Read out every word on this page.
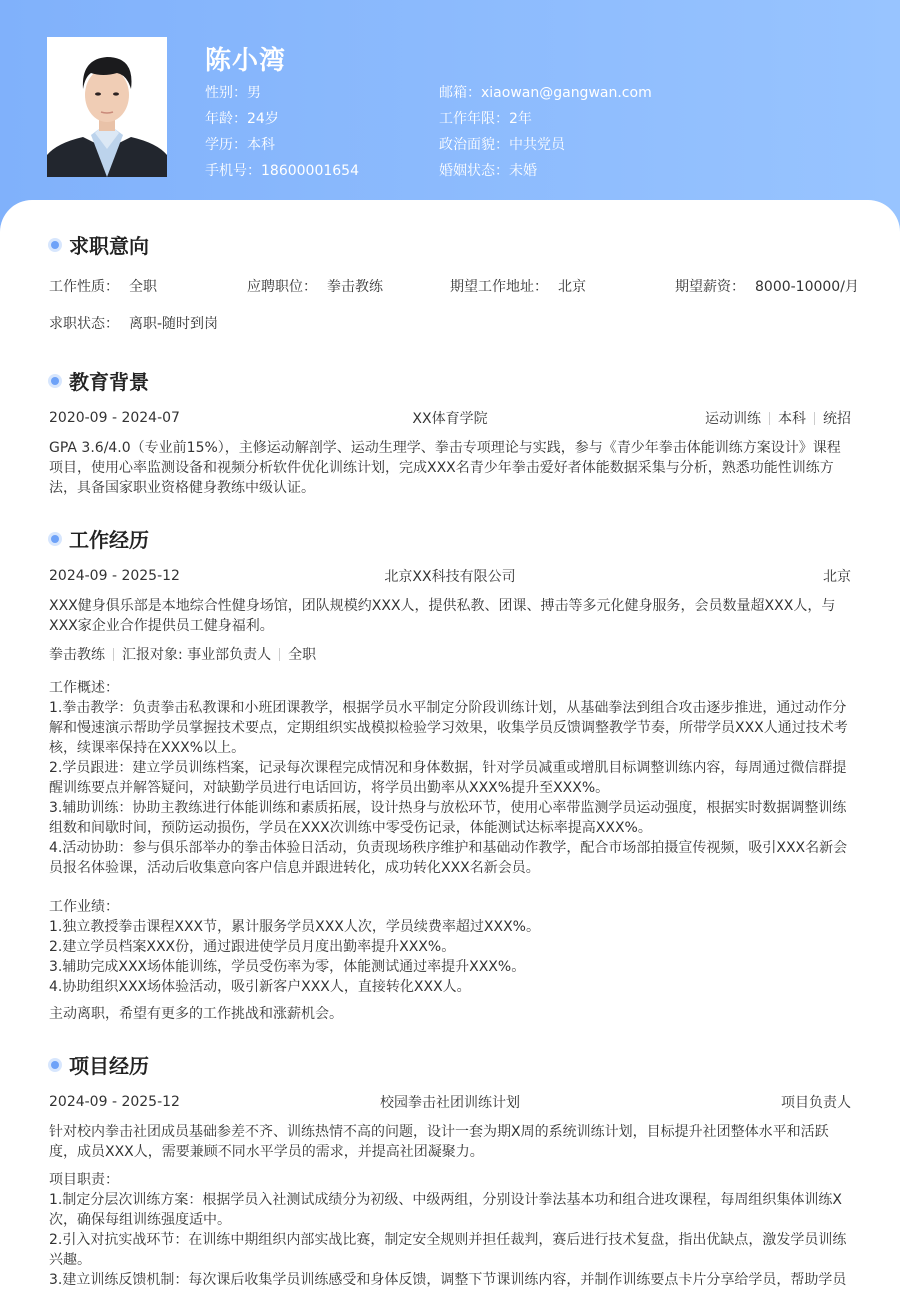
陈小湾
性别：男
年龄：24岁
学历：本科
手机号：18600001654
邮箱：xiaowan@gangwan.com
工作年限：2年
政治面貌：中共党员
婚姻状态：未婚
求职意向
工作性质： 全职	应聘职位： 拳击教练	期望工作地址： 北京	期望薪资： 8000-10000/月
求职状态： 离职-随时到岗
教育背景
2020-09 - 2024-07	XX体育学院	运动训练 本科 统招
GPA 3.6/4.0（专业前15%），主修运动解剖学、运动生理学、拳击专项理论与实践，参与《青少年拳击体能训练方案设计》课程项目，使用心率监测设备和视频分析软件优化训练计划，完成XXX名青少年拳击爱好者体能数据采集与分析，熟悉功能性训练方法，具备国家职业资格健身教练中级认证。
工作经历
2024-09 - 2025-12	北京XX科技有限公司	北京
XXX健身俱乐部是本地综合性健身场馆，团队规模约XXX人，提供私教、团课、搏击等多元化健身服务，会员数量超XXX人，与XXX家企业合作提供员工健身福利。
拳击教练 汇报对象: 事业部负责人 全职
工作概述：
1.拳击教学：负责拳击私教课和小班团课教学，根据学员水平制定分阶段训练计划，从基础拳法到组合攻击逐步推进，通过动作分解和慢速演示帮助学员掌握技术要点，定期组织实战模拟检验学习效果，收集学员反馈调整教学节奏，所带学员XXX人通过技术考核，续课率保持在XXX%以上。
2.学员跟进：建立学员训练档案，记录每次课程完成情况和身体数据，针对学员减重或增肌目标调整训练内容，每周通过微信群提醒训练要点并解答疑问，对缺勤学员进行电话回访，将学员出勤率从XXX%提升至XXX%。
3.辅助训练：协助主教练进行体能训练和素质拓展，设计热身与放松环节，使用心率带监测学员运动强度，根据实时数据调整训练组数和间歇时间，预防运动损伤，学员在XXX次训练中零受伤记录，体能测试达标率提高XXX%。
4.活动协助：参与俱乐部举办的拳击体验日活动，负责现场秩序维护和基础动作教学，配合市场部拍摄宣传视频，吸引XXX名新会员报名体验课，活动后收集意向客户信息并跟进转化，成功转化XXX名新会员。
工作业绩：
1.独立教授拳击课程XXX节，累计服务学员XXX人次，学员续费率超过XXX%。
2.建立学员档案XXX份，通过跟进使学员月度出勤率提升XXX%。
3.辅助完成XXX场体能训练，学员受伤率为零，体能测试通过率提升XXX%。
4.协助组织XXX场体验活动，吸引新客户XXX人，直接转化XXX人。
主动离职，希望有更多的工作挑战和涨薪机会。
项目经历
2024-09 - 2025-12	校园拳击社团训练计划	项目负责人
针对校内拳击社团成员基础参差不齐、训练热情不高的问题，设计一套为期X周的系统训练计划，目标提升社团整体水平和活跃度，成员XXX人，需要兼顾不同水平学员的需求，并提高社团凝聚力。
项目职责：
1.制定分层次训练方案：根据学员入社测试成绩分为初级、中级两组，分别设计拳法基本功和组合进攻课程，每周组织集体训练X次，确保每组训练强度适中。
2.引入对抗实战环节：在训练中期组织内部实战比赛，制定安全规则并担任裁判，赛后进行技术复盘，指出优缺点，激发学员训练兴趣。
3.建立训练反馈机制：每次课后收集学员训练感受和身体反馈，调整下节课训练内容，并制作训练要点卡片分享给学员，帮助学员
